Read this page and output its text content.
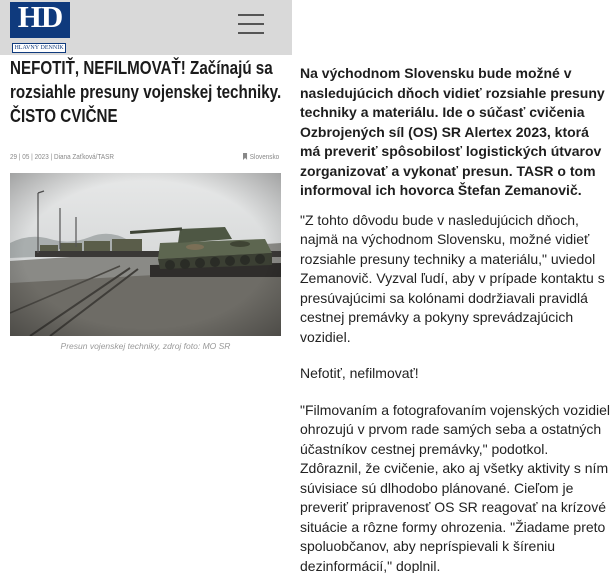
HD
HLAVNÝ DENNÍK
NEFOTIŤ, NEFILMOVAŤ! Začínajú sa rozsiahle presuny vojenskej techniky. ČISTO CVIČNE
29 | 05 | 2023 | Diana Zaťková/TASR	Slovensko
Presun vojenskej techniky, zdroj foto: MO SR

Na východnom Slovensku bude možné v nasledujúcich dňoch vidieť rozsiahle presuny techniky a materiálu. Ide o súčasť cvičenia Ozbrojených síl (OS) SR Alertex 2023, ktorá má preveriť spôsobilosť logistických útvarov zorganizovať a vykonať presun. TASR o tom informoval ich hovorca Štefan Zemanovič.

"Z tohto dôvodu bude v nasledujúcich dňoch, najmä na východnom Slovensku, možné vidieť rozsiahle presuny techniky a materiálu," uviedol Zemanovič. Vyzval ľudí, aby v prípade kontaktu s presúvajúcimi sa kolónami dodržiavali pravidlá cestnej premávky a pokyny sprevádzajúcich vozidiel.

Nefotiť, nefilmovať!

"Filmovaním a fotografovaním vojenských vozidiel ohrozujú v prvom rade samých seba a ostatných účastníkov cestnej premávky," podotkol. Zdôraznil, že cvičenie, ako aj všetky aktivity s ním súvisiace sú dlhodobo plánované. Cieľom je preveriť pripravenosť OS SR reagovať na krízové situácie a rôzne formy ohrozenia. "Žiadame preto spoluobčanov, aby nepríspievali k šíreniu dezinformácií," doplnil.
